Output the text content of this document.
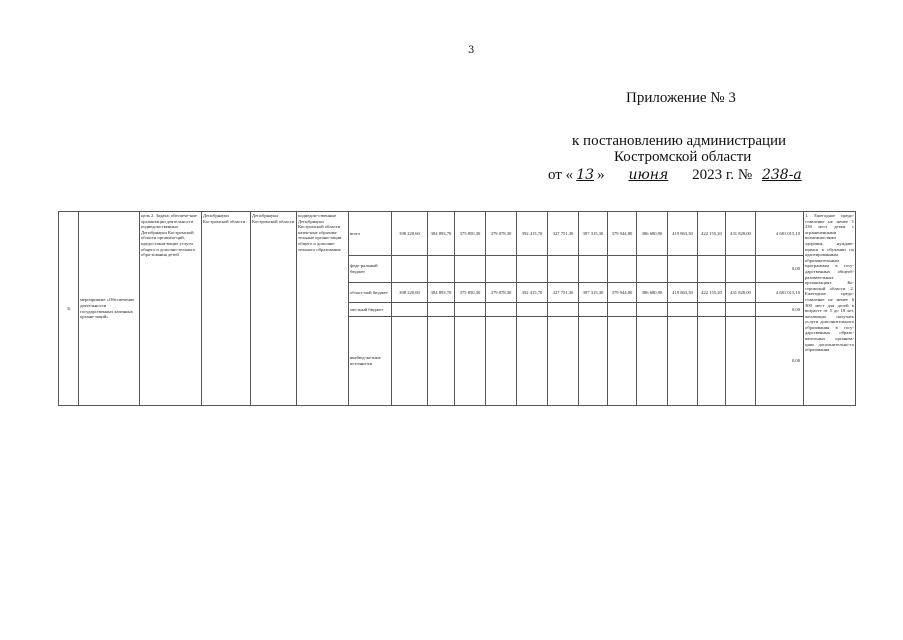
3
Приложение № 3
к постановлению администрации
Костромской области
от « 13 » июня 2023 г. № 238-а
3)	мероприятие «Обеспечение деятельности государственных казенных органи-заций»	цель 2. Задача: обеспече-ние организации деятельности подведомственных Депобрнауки Костромской области организа-ций, предоставля-ющих услуги общего и дополни-тельного обра-зования детей	Депобрнауки Костромской области	Депобрнауки Костромской области	подведом-ственные Депобрнауки Костромской области казен-ные образова-тельные органи-зации общего и дополни-тельного образования	всего	398 220,60	384 893,70	375 850,30	379 078,30	392 415,70	327 751,30	387 315,30	379 944,80	386 680,90	419 863,30	422 155,20	431 828,00	4 681 015,10	1. Ежегодное предо-ставление не менее 1 230 мест детям с ограниченными возможностями здоровья, нуждаю-щимся в обучении по адаптированным образовательным программам в госу-дарственных общеоб-разовательных организациях Ко-стромской области. 2. Ежегодное предо-ставление не менее 6 300 мест для детей в возрасте от 5 до 18 лет, желающих получать услуги дополнительного образования в госу-дарственных образо-вательных организа-циях дополнительно-го образования
						феде-ральный бюджет													0,00	
						област-ной бюджет	398 220,60	384 893,70	375 850,30	379 078,30	392 415,70	327 751,30	387 315,30	379 944,80	386 680,90	419 863,30	422 155,20	431 828,00	4 681 015,10	
						местный бюджет													0,00	
						внебюд-жетные источни-ки													0,00	
